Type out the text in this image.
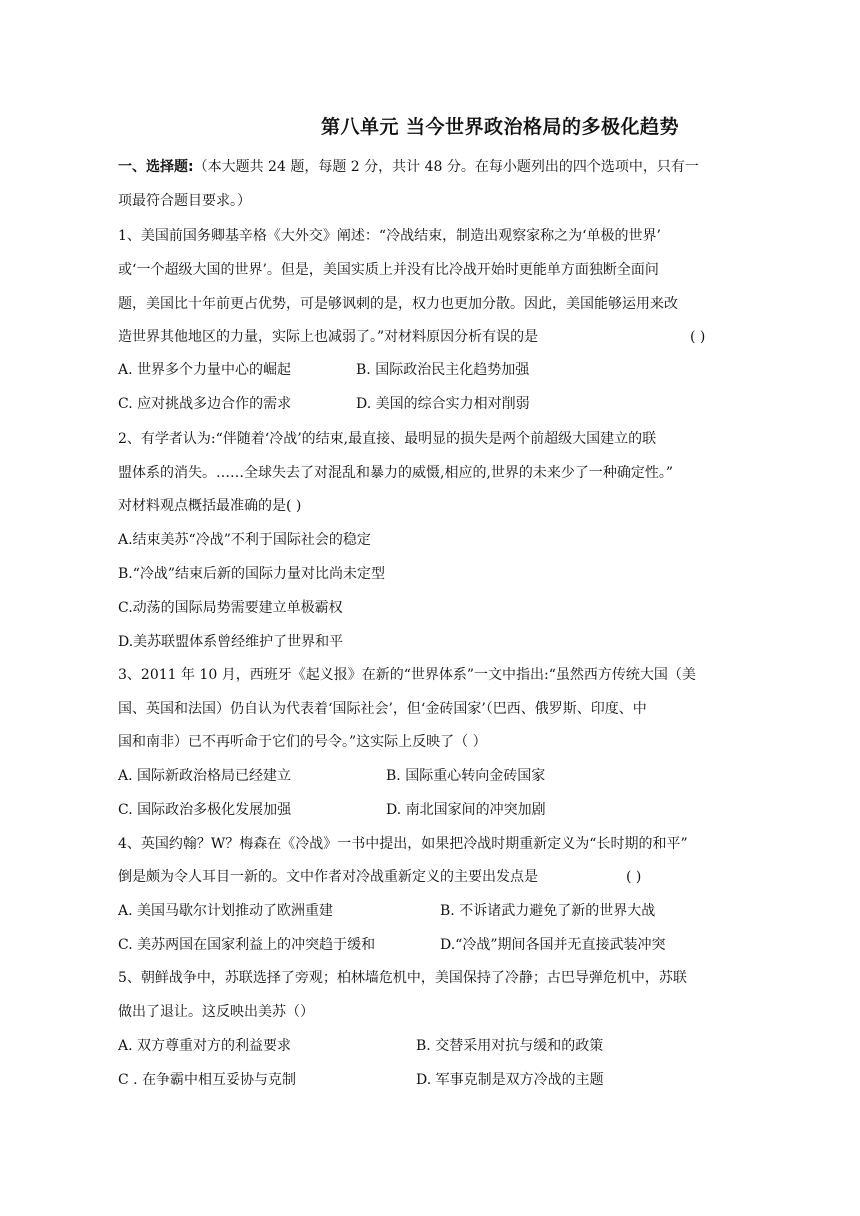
第八单元 当今世界政治格局的多极化趋势
一、选择题:（本大题共 24 题，每题 2 分，共计 48 分。在每小题列出的四个选项中，只有一
项最符合题目要求。）
1、美国前国务卿基辛格《大外交》阐述：“冷战结束，制造出观察家称之为‘单极的世界’
或‘一个超级大国的世界’。但是，美国实质上并没有比冷战开始时更能单方面独断全面问
题，美国比十年前更占优势，可是够讽刺的是，权力也更加分散。因此，美国能够运用来改
造世界其他地区的力量，实际上也减弱了。”对材料原因分析有误的是	( )
A. 世界多个力量中心的崛起	B. 国际政治民主化趋势加强
C. 应对挑战多边合作的需求	D. 美国的综合实力相对削弱
2、有学者认为:“伴随着‘冷战’的结束,最直接、最明显的损失是两个前超级大国建立的联
盟体系的消失。……全球失去了对混乱和暴力的威慑,相应的,世界的未来少了一种确定性。”
对材料观点概括最准确的是( )
A.结束美苏“冷战”不利于国际社会的稳定
B.“冷战”结束后新的国际力量对比尚未定型
C.动荡的国际局势需要建立单极霸权
D.美苏联盟体系曾经维护了世界和平
3、2011 年 10 月，西班牙《起义报》在新的“世界体系”一文中指出:“虽然西方传统大国（美
国、英国和法国）仍自认为代表着‘国际社会’，但‘金砖国家’（巴西、俄罗斯、印度、中
国和南非）已不再听命于它们的号令。”这实际上反映了（ ）
A. 国际新政治格局已经建立	B. 国际重心转向金砖国家
C. 国际政治多极化发展加强	D. 南北国家间的冲突加剧
4、英国约翰？W？梅森在《冷战》一书中提出，如果把冷战时期重新定义为“长时期的和平”
倒是颇为令人耳目一新的。文中作者对冷战重新定义的主要出发点是	( )
A. 美国马歇尔计划推动了欧洲重建	B. 不诉诸武力避免了新的世界大战
C. 美苏两国在国家利益上的冲突趋于缓和	D.“冷战”期间各国并无直接武装冲突
5、朝鲜战争中，苏联选择了旁观；柏林墙危机中，美国保持了冷静；古巴导弹危机中，苏联
做出了退让。这反映出美苏（）
A. 双方尊重对方的利益要求	B. 交替采用对抗与缓和的政策
C . 在争霸中相互妥协与克制	D. 军事克制是双方冷战的主题
